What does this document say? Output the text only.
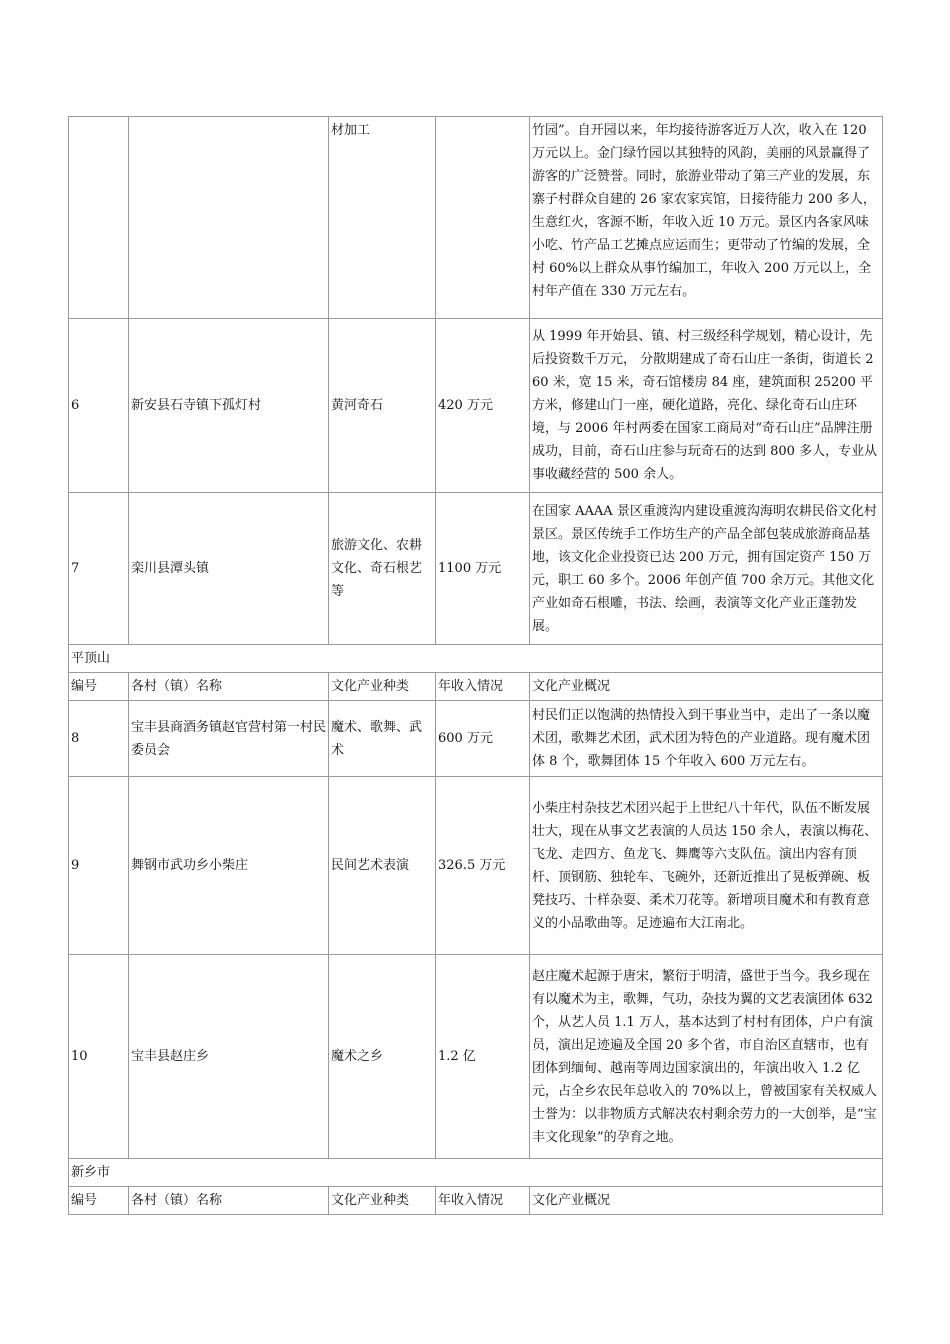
		材加工		竹园”。自开园以来，年均接待游客近万人次，收入在 120 万元以上。金门绿竹园以其独特的风韵，美丽的风景赢得了游客的广泛赞誉。同时，旅游业带动了第三产业的发展，东寨子村群众自建的 26 家农家宾馆，日接待能力 200 多人，生意红火，客源不断，年收入近 10 万元。景区内各家风味小吃、竹产品工艺摊点应运而生；更带动了竹编的发展，全村 60%以上群众从事竹编加工，年收入 200 万元以上，全村年产值在 330 万元左右。
6	新安县石寺镇下孤灯村	黄河奇石	420 万元	从 1999 年开始县、镇、村三级经科学规划，精心设计，先后投资数千万元， 分散期建成了奇石山庄一条街，街道长 260 米，宽 15 米，奇石馆楼房 84 座，建筑面积 25200 平方米，修建山门一座，硬化道路，亮化、绿化奇石山庄环境，与 2006 年村两委在国家工商局对“奇石山庄”品牌注册成功，目前，奇石山庄参与玩奇石的达到 800 多人，专业从事收藏经营的 500 余人。
7	栾川县潭头镇	旅游文化、农耕文化、奇石根艺等	1100 万元	在国家 AAAA 景区重渡沟内建设重渡沟海明农耕民俗文化村景区。景区传统手工作坊生产的产品全部包装成旅游商品基地，该文化企业投资已达 200 万元，拥有国定资产 150 万元，职工 60 多个。2006 年创产值 700 余万元。其他文化产业如奇石根雕，书法、绘画，表演等文化产业正蓬勃发展。
平顶山				
编号	各村（镇）名称	文化产业种类	年收入情况	文化产业概况
8	宝丰县商酒务镇赵官营村第一村民委员会	魔术、歌舞、武术	600 万元	村民们正以饱满的热情投入到干事业当中，走出了一条以魔术团，歌舞艺术团，武术团为特色的产业道路。现有魔术团体 8 个，歌舞团体 15 个年收入 600 万元左右。
9	舞钢市武功乡小柴庄	民间艺术表演	326.5 万元	小柴庄村杂技艺术团兴起于上世纪八十年代，队伍不断发展壮大，现在从事文艺表演的人员达 150 余人，表演以梅花、飞龙、走四方、鱼龙飞、舞鹰等六支队伍。演出内容有顶杆、顶钢筋、独轮车、飞碗外，还新近推出了晃板弹碗、板凳技巧、十样杂耍、柔术刀花等。新增项目魔术和有教育意义的小品歌曲等。足迹遍布大江南北。
10	宝丰县赵庄乡	魔术之乡	1.2 亿	赵庄魔术起源于唐宋，繁衍于明清，盛世于当今。我乡现在有以魔术为主，歌舞，气功，杂技为翼的文艺表演团体 632 个，从艺人员 1.1 万人，基本达到了村村有团体，户户有演员，演出足迹遍及全国 20 多个省，市自治区直辖市，也有团体到缅甸、越南等周边国家演出的，年演出收入 1.2 亿元，占全乡农民年总收入的 70%以上，曾被国家有关权威人士誉为：以非物质方式解决农村剩余劳力的一大创举，是“宝丰文化现象”的孕育之地。
新乡市				
编号	各村（镇）名称	文化产业种类	年收入情况	文化产业概况
